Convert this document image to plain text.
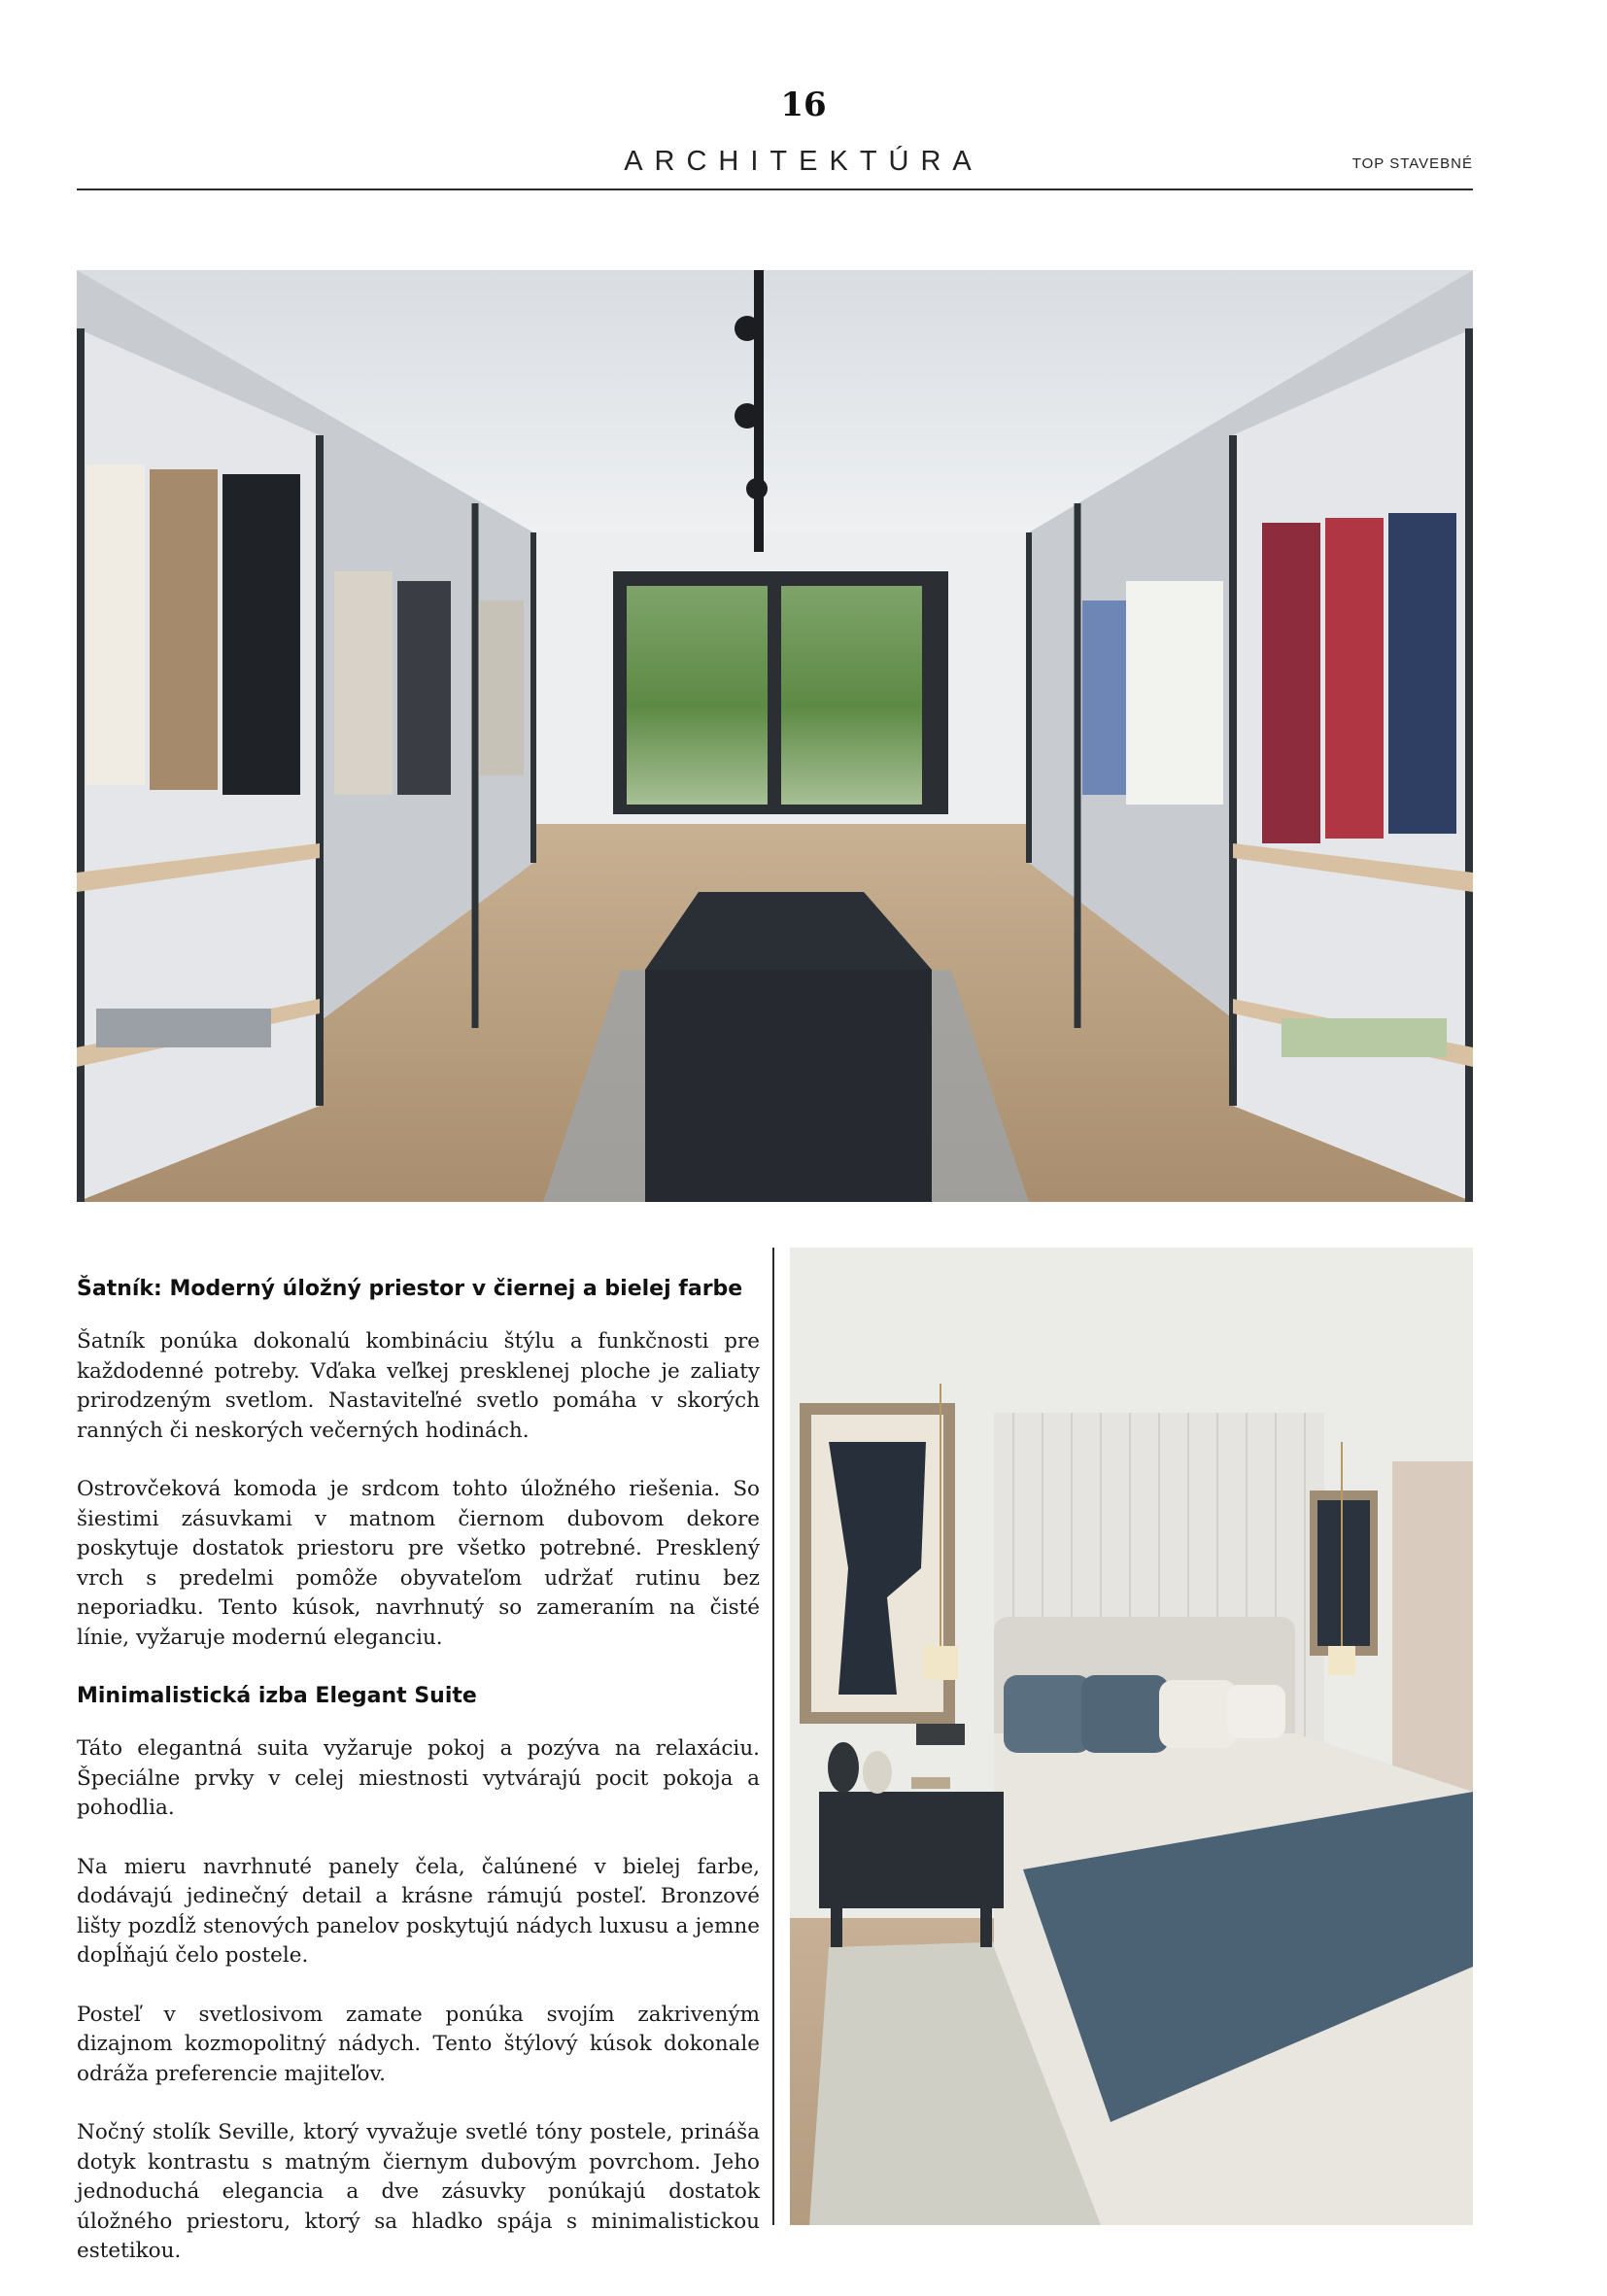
16
ARCHITEKTÚRA	TOP STAVEBNÉ
Šatník: Moderný úložný priestor v čiernej a bielej farbe

Šatník ponúka dokonalú kombináciu štýlu a funkčnosti pre každodenné potreby. Vďaka veľkej presklenej ploche je zaliaty prirodzeným svetlom. Nastaviteľné svetlo pomáha v skorých ranných či neskorých večerných hodinách.

Ostrovčeková komoda je srdcom tohto úložného riešenia. So šiestimi zásuvkami v matnom čiernom dubovom dekore poskytuje dostatok priestoru pre všetko potrebné. Presklený vrch s predelmi pomôže obyvateľom udržať rutinu bez neporiadku. Tento kúsok, navrhnutý so zameraním na čisté línie, vyžaruje modernú eleganciu.

Minimalistická izba Elegant Suite

Táto elegantná suita vyžaruje pokoj a pozýva na relaxáciu. Špeciálne prvky v celej miestnosti vytvárajú pocit pokoja a pohodlia.

Na mieru navrhnuté panely čela, čalúnené v bielej farbe, dodávajú jedinečný detail a krásne rámujú posteľ. Bronzové lišty pozdĺž stenových panelov poskytujú nádych luxusu a jemne dopĺňajú čelo postele.

Posteľ v svetlosivom zamate ponúka svojím zakriveným dizajnom kozmopolitný nádych. Tento štýlový kúsok dokonale odráža preferencie majiteľov.

Nočný stolík Seville, ktorý vyvažuje svetlé tóny postele, prináša dotyk kontrastu s matným čiernym dubovým povrchom. Jeho jednoduchá elegancia a dve zásuvky ponúkajú dostatok úložného priestoru, ktorý sa hladko spája s minimalistickou estetikou.
